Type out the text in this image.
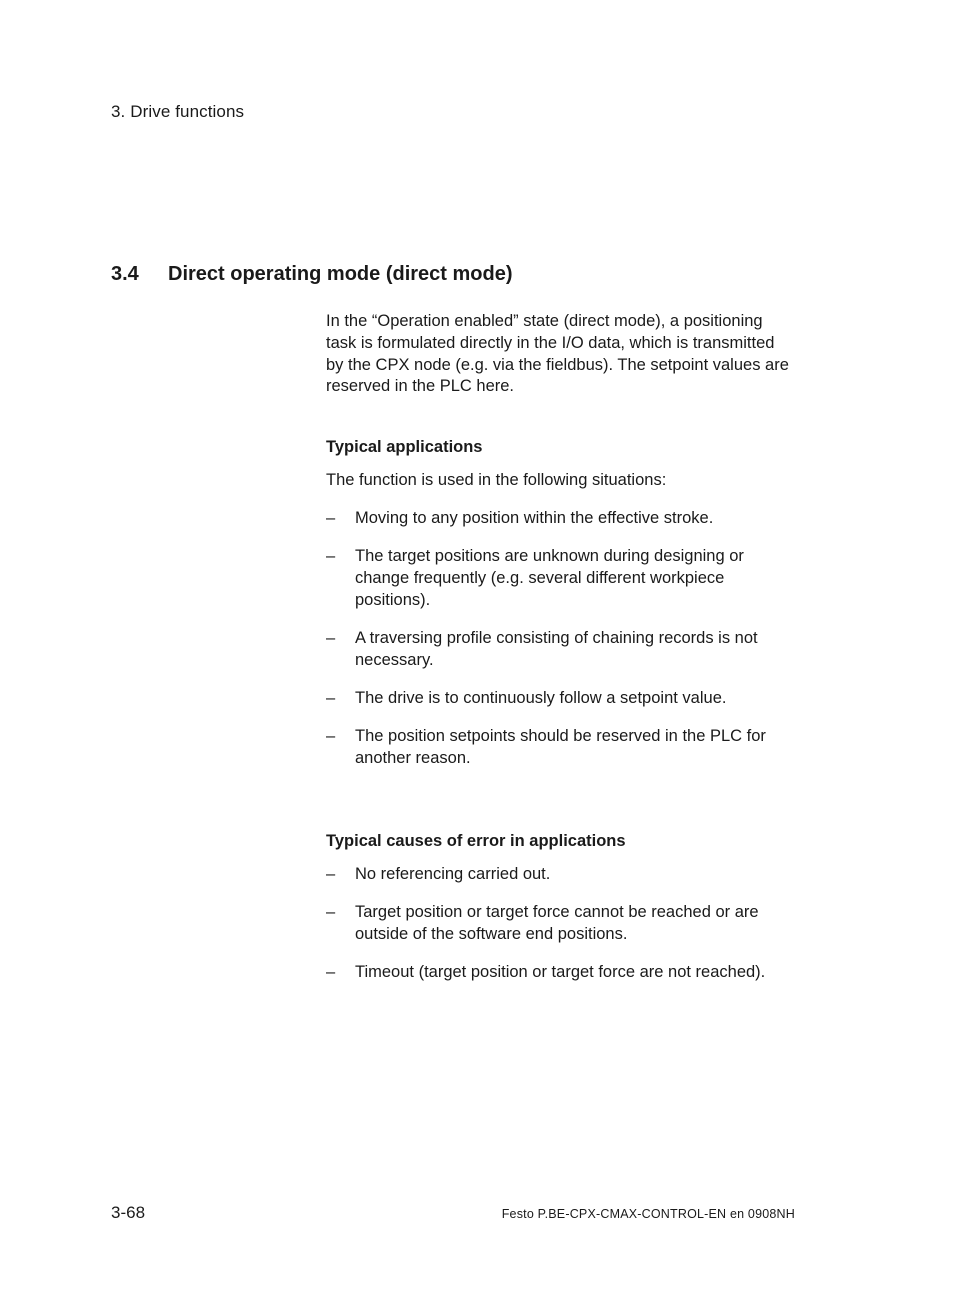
3. Drive functions
3.4	Direct operating mode (direct mode)

In the “Operation enabled” state (direct mode), a positioning task is formulated directly in the I/O data, which is transmitted by the CPX node (e.g. via the fieldbus). The setpoint values are reserved in the PLC here.

Typical applications

The function is used in the following situations:

– Moving to any position within the effective stroke.
– The target positions are unknown during designing or change frequently (e.g. several different workpiece positions).
– A traversing profile consisting of chaining records is not necessary.
– The drive is to continuously follow a setpoint value.
– The position setpoints should be reserved in the PLC for another reason.

Typical causes of error in applications

– No referencing carried out.
– Target position or target force cannot be reached or are outside of the software end positions.
– Timeout (target position or target force are not reached).
3-68	Festo P.BE-CPX-CMAX-CONTROL-EN en 0908NH
